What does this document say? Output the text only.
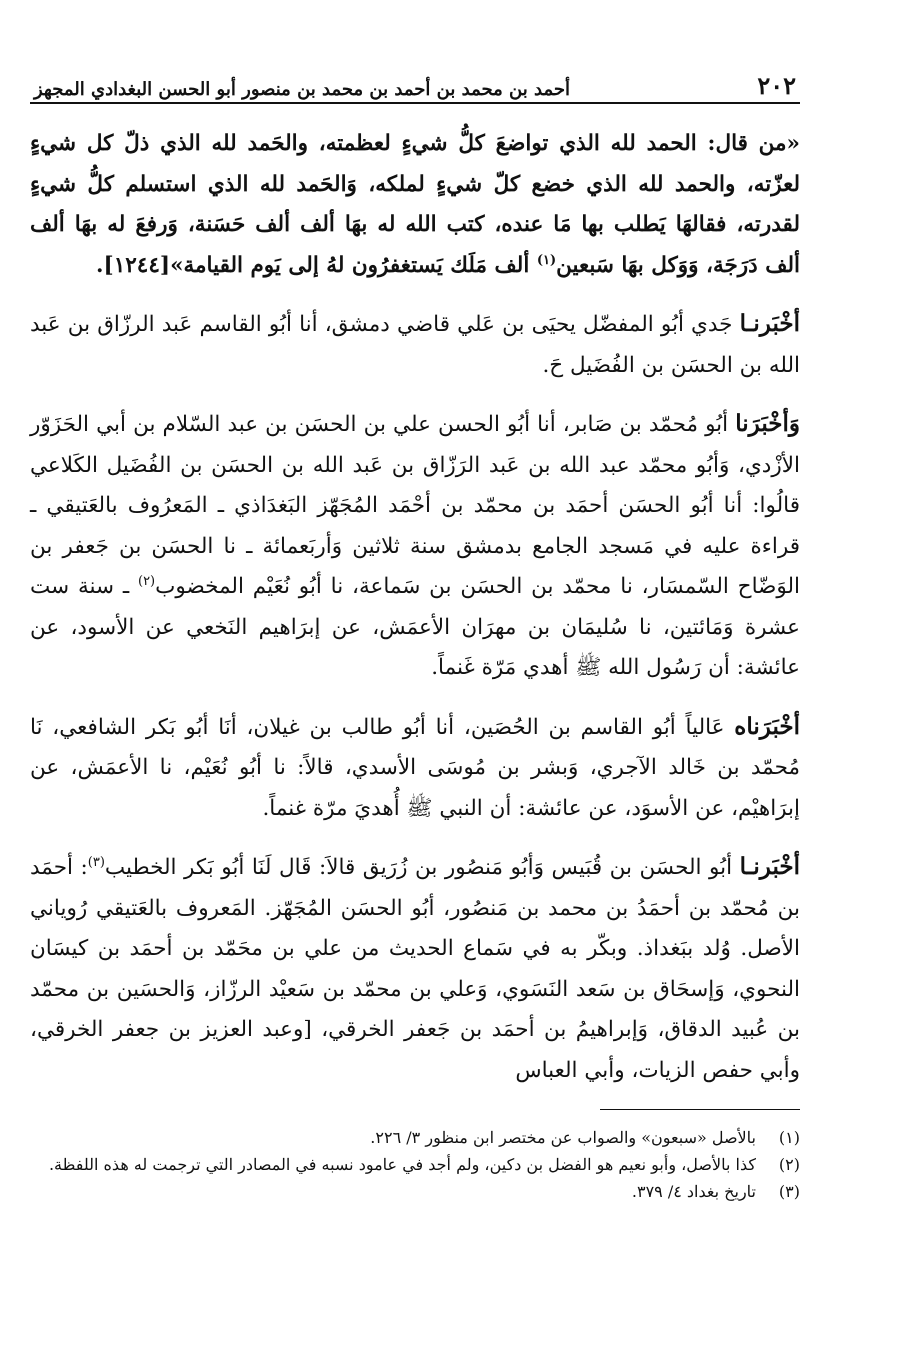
٢٠٢
أحمد بن محمد بن أحمد بن محمد بن منصور أبو الحسن البغدادي المجهز

«من قال: الحمد لله الذي تواضعَ كلُّ شيءٍ لعظمته، والحَمد لله الذي ذلّ كل شيءٍ لعزّته، والحمد لله الذي خضع كلّ شيءٍ لملكه، وَالحَمد لله الذي استسلم كلُّ شيءٍ لقدرته، فقالهَا يَطلب بها مَا عنده، كتب الله له بهَا ألف ألف حَسَنة، وَرفعَ له بهَا ألف ألف دَرَجَة، وَوَكل بهَا سَبعين$^{(١)}$ ألف مَلَك يَستغفرُون لهُ إلى يَوم القيامة»[١٢٤٤].

أخْبَرنـا جَدي أبُو المفضّل يحيَى بن عَلي قاضي دمشق، أنا أبُو القاسم عَبد الرزّاق بن عَبد الله بن الحسَن بن الفُضَيل حَ.

وَأخْبَرَنا أبُو مُحمّد بن صَابر، أنا أبُو الحسن علي بن الحسَن بن عبد السّلام بن أبي الحَزَوّر الأزْدي، وَأبُو محمّد عبد الله بن عَبد الرَزّاق بن عَبد الله بن الحسَن بن الفُضَيل الكَلاعي قالُوا: أنا أبُو الحسَن أحمَد بن محمّد بن أحْمَد المُجَهّز البَغدَاذي ـ المَعرُوف بالعَتيقي ـ قراءة عليه في مَسجد الجامع بدمشق سنة ثلاثين وَأربَعمائة ـ نا الحسَن بن جَعفر بن الوَضّاح السّمسَار، نا محمّد بن الحسَن بن سَماعة، نا أبُو نُعَيْم المخضوب$^{(٢)}$ ـ سنة ست عشرة وَمَائتين، نا سُليمَان بن مهرَان الأعمَش، عن إبرَاهيم النَخعي عن الأسود، عن عائشة: أن رَسُول الله ﷺ أهدي مَرّة غَنماً.

أخْبَرَناه عَالياً أبُو القاسم بن الحُصَين، أنا أبُو طالب بن غيلان، أنَا أبُو بَكر الشافعي، نَا مُحمّد بن خَالد الآجري، وَبشر بن مُوسَى الأسدي، قالاً: نا أبُو نُعَيْم، نا الأعمَش، عن إبرَاهيْم، عن الأسوَد، عن عائشة: أن النبي ﷺ أُهديَ مرّة غنماً.

أخْبَرنـا أبُو الحسَن بن قُبَيس وَأبُو مَنصُور بن زُرَيق قالاَ: قَال لَنَا أبُو بَكر الخطيب$^{(٣)}$: أحمَد بن مُحمّد بن أحمَدُ بن محمد بن مَنصُور، أبُو الحسَن المُجَهّز. المَعروف بالعَتيقي رُوياني الأصل. وُلد ببَغداذ. وبكّر به في سَماع الحديث من علي بن محَمّد بن أحمَد بن كيسَان النحوي، وَإسحَاق بن سَعد النَسَوي، وَعلي بن محمّد بن سَعيْد الرزّاز، وَالحسَين بن محمّد بن عُبيد الدقاق، وَإبراهيمُ بن أحمَد بن جَعفر الخرقي، [وعبد العزيز بن جعفر الخرقي، وأبي حفص الزيات، وأبي العباس

(١)
بالأصل «سبعون» والصواب عن مختصر ابن منظور ٣/ ٢٢٦.
(٢)
كذا بالأصل، وأبو نعيم هو الفضل بن دكين، ولم أجد في عامود نسبه في المصادر التي ترجمت له هذه اللفظة.
(٣)
تاريخ بغداد ٤/ ٣٧٩.
